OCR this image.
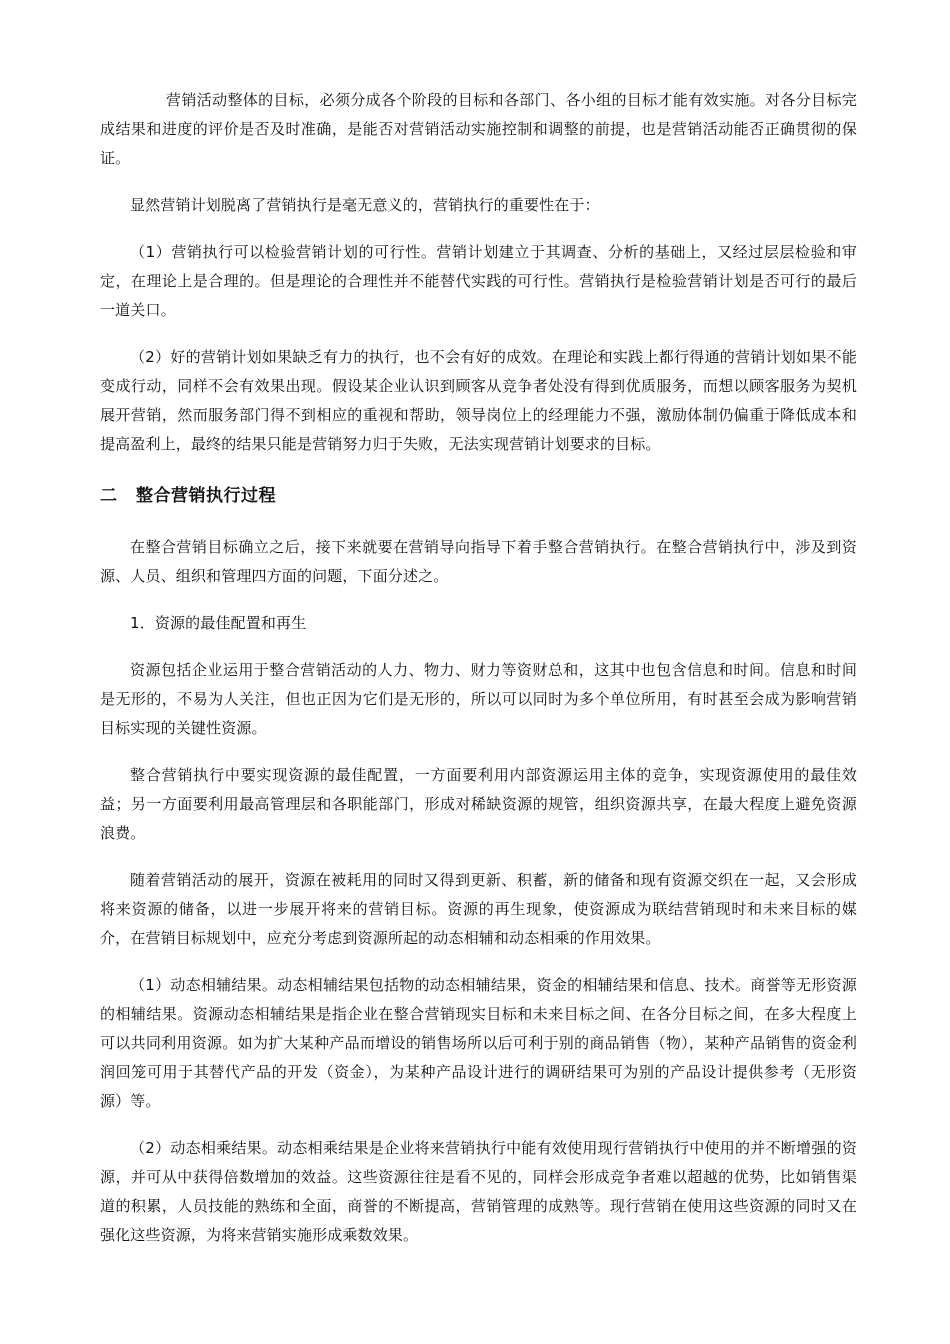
营销活动整体的目标，必须分成各个阶段的目标和各部门、各小组的目标才能有效实施。对各分目标完成结果和进度的评价是否及时准确，是能否对营销活动实施控制和调整的前提，也是营销活动能否正确贯彻的保证。

显然营销计划脱离了营销执行是毫无意义的，营销执行的重要性在于：

（1）营销执行可以检验营销计划的可行性。营销计划建立于其调查、分析的基础上，又经过层层检验和审定，在理论上是合理的。但是理论的合理性并不能替代实践的可行性。营销执行是检验营销计划是否可行的最后一道关口。

（2）好的营销计划如果缺乏有力的执行，也不会有好的成效。在理论和实践上都行得通的营销计划如果不能变成行动，同样不会有效果出现。假设某企业认识到顾客从竞争者处没有得到优质服务，而想以顾客服务为契机展开营销，然而服务部门得不到相应的重视和帮助，领导岗位上的经理能力不强，激励体制仍偏重于降低成本和提高盈利上，最终的结果只能是营销努力归于失败，无法实现营销计划要求的目标。

二 整合营销执行过程

在整合营销目标确立之后，接下来就要在营销导向指导下着手整合营销执行。在整合营销执行中，涉及到资源、人员、组织和管理四方面的问题，下面分述之。

1．资源的最佳配置和再生

资源包括企业运用于整合营销活动的人力、物力、财力等资财总和，这其中也包含信息和时间。信息和时间是无形的，不易为人关注，但也正因为它们是无形的，所以可以同时为多个单位所用，有时甚至会成为影响营销目标实现的关键性资源。

整合营销执行中要实现资源的最佳配置，一方面要利用内部资源运用主体的竞争，实现资源使用的最佳效益；另一方面要利用最高管理层和各职能部门，形成对稀缺资源的规管，组织资源共享，在最大程度上避免资源浪费。

随着营销活动的展开，资源在被耗用的同时又得到更新、积蓄，新的储备和现有资源交织在一起，又会形成将来资源的储备，以进一步展开将来的营销目标。资源的再生现象，使资源成为联结营销现时和未来目标的媒介，在营销目标规划中，应充分考虑到资源所起的动态相辅和动态相乘的作用效果。

（1）动态相辅结果。动态相辅结果包括物的动态相辅结果，资金的相辅结果和信息、技术。商誉等无形资源的相辅结果。资源动态相辅结果是指企业在整合营销现实目标和未来目标之间、在各分目标之间，在多大程度上可以共同利用资源。如为扩大某种产品而增设的销售场所以后可利于别的商品销售（物），某种产品销售的资金利润回笼可用于其替代产品的开发（资金），为某种产品设计进行的调研结果可为别的产品设计提供参考（无形资源）等。

（2）动态相乘结果。动态相乘结果是企业将来营销执行中能有效使用现行营销执行中使用的并不断增强的资源，并可从中获得倍数增加的效益。这些资源往往是看不见的，同样会形成竞争者难以超越的优势，比如销售渠道的积累，人员技能的熟练和全面，商誉的不断提高，营销管理的成熟等。现行营销在使用这些资源的同时又在强化这些资源，为将来营销实施形成乘数效果。
